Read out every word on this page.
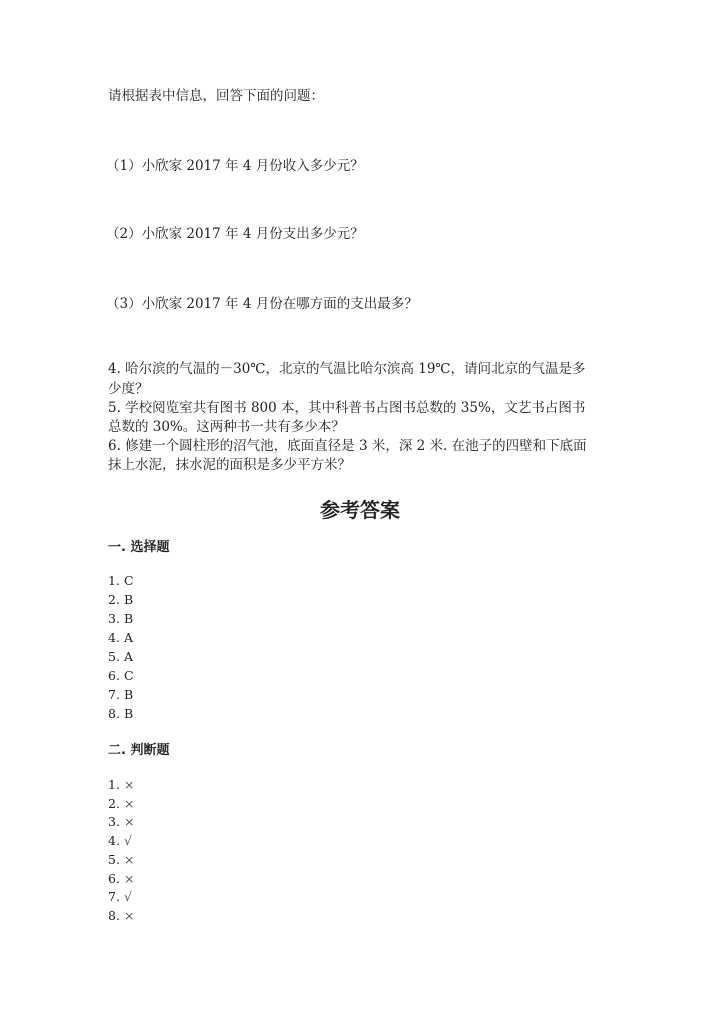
请根据表中信息，回答下面的问题：
（1）小欣家 2017 年 4 月份收入多少元？
（2）小欣家 2017 年 4 月份支出多少元？
（3）小欣家 2017 年 4 月份在哪方面的支出最多？
4. 哈尔滨的气温的－30℃，北京的气温比哈尔滨高 19℃，请问北京的气温是多
少度？
5. 学校阅览室共有图书 800 本，其中科普书占图书总数的 35%，文艺书占图书
总数的 30%。这两种书一共有多少本？
6. 修建一个圆柱形的沼气池，底面直径是 3 米，深 2 米. 在池子的四壁和下底面
抹上水泥，抹水泥的面积是多少平方米？
参考答案
一. 选择题
1. C
2. B
3. B
4. A
5. A
6. C
7. B
8. B
二. 判断题
1. ×
2. ×
3. ×
4. √
5. ×
6. ×
7. √
8. ×
